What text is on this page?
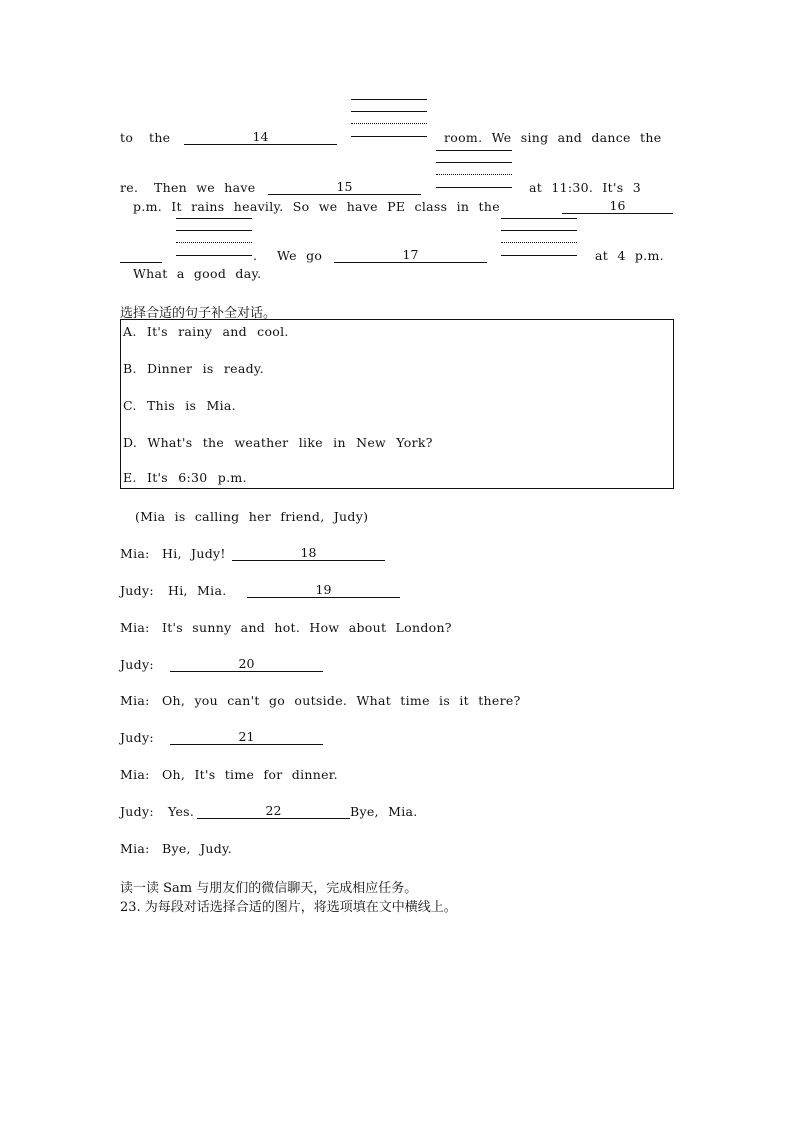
to the	14	room. We sing and dance the
re. Then we have	15	at 11:30. It's 3
p.m. It rains heavily. So we have PE class in the	16
. We go	17	at 4 p.m.
What a good day.
选择合适的句子补全对话。
A. It's rainy and cool.
B. Dinner is ready.
C. This is Mia.
D. What's the weather like in New York?
E. It's 6:30 p.m.
(Mia is calling her friend, Judy)
Mia: Hi, Judy!	18
Judy: Hi, Mia.	19
Mia: It's sunny and hot. How about London?
Judy:	20
Mia: Oh, you can't go outside. What time is it there?
Judy:	21
Mia: Oh, It's time for dinner.
Judy: Yes.	22	Bye, Mia.
Mia: Bye, Judy.
读一读 Sam 与朋友们的微信聊天，完成相应任务。
23. 为每段对话选择合适的图片，将选项填在文中横线上。
